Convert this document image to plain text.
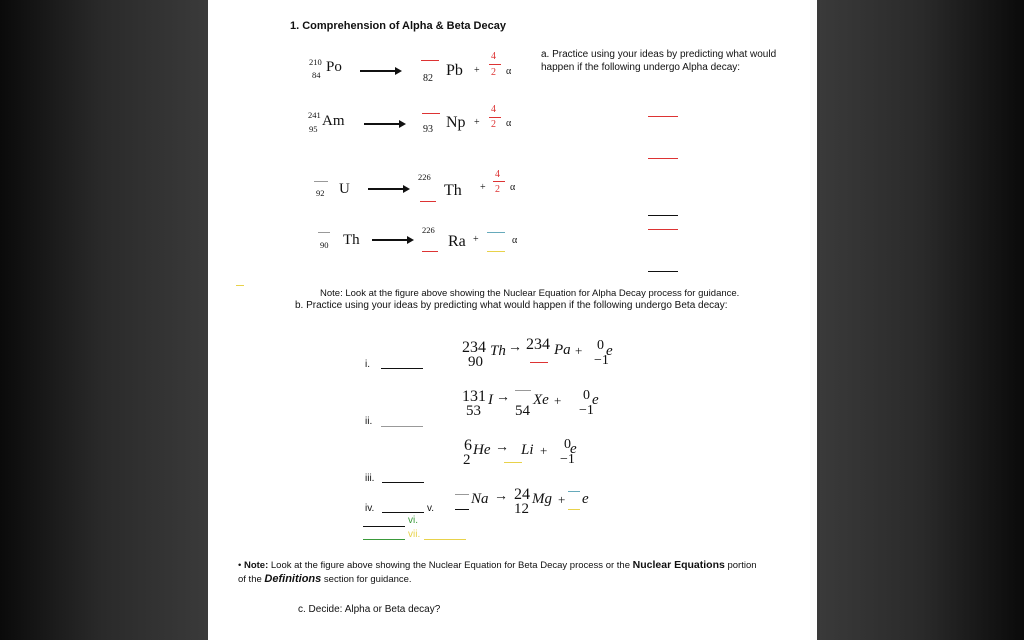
1. Comprehension of Alpha & Beta Decay
a. Practice using your ideas by predicting what would happen if the following undergo Alpha decay:
210
84 Po →
82 Pb +
4
2 α
241
95 Am →
93 Np +
4
2 α
92 U →
226
Th +
4
2 α
90 Th →
226
Ra +	α
Note: Look at the figure above showing the Nuclear Equation for Alpha Decay process for guidance.
b. Practice using your ideas by predicting what would happen if the following undergo Beta decay:
i.
ii.
iii.
iv.	v.
vi.
vii.
234
90
Th → 234 Pa + 0
−1
e
131
53
I →
54
Xe + 0
−1
e
6
2
He → Li + 0
−1
e
Na → 24
12
Mg + e
• Note: Look at the figure above showing the Nuclear Equation for Beta Decay process or the Nuclear Equations portion
of the Definitions section for guidance.
c. Decide: Alpha or Beta decay?
